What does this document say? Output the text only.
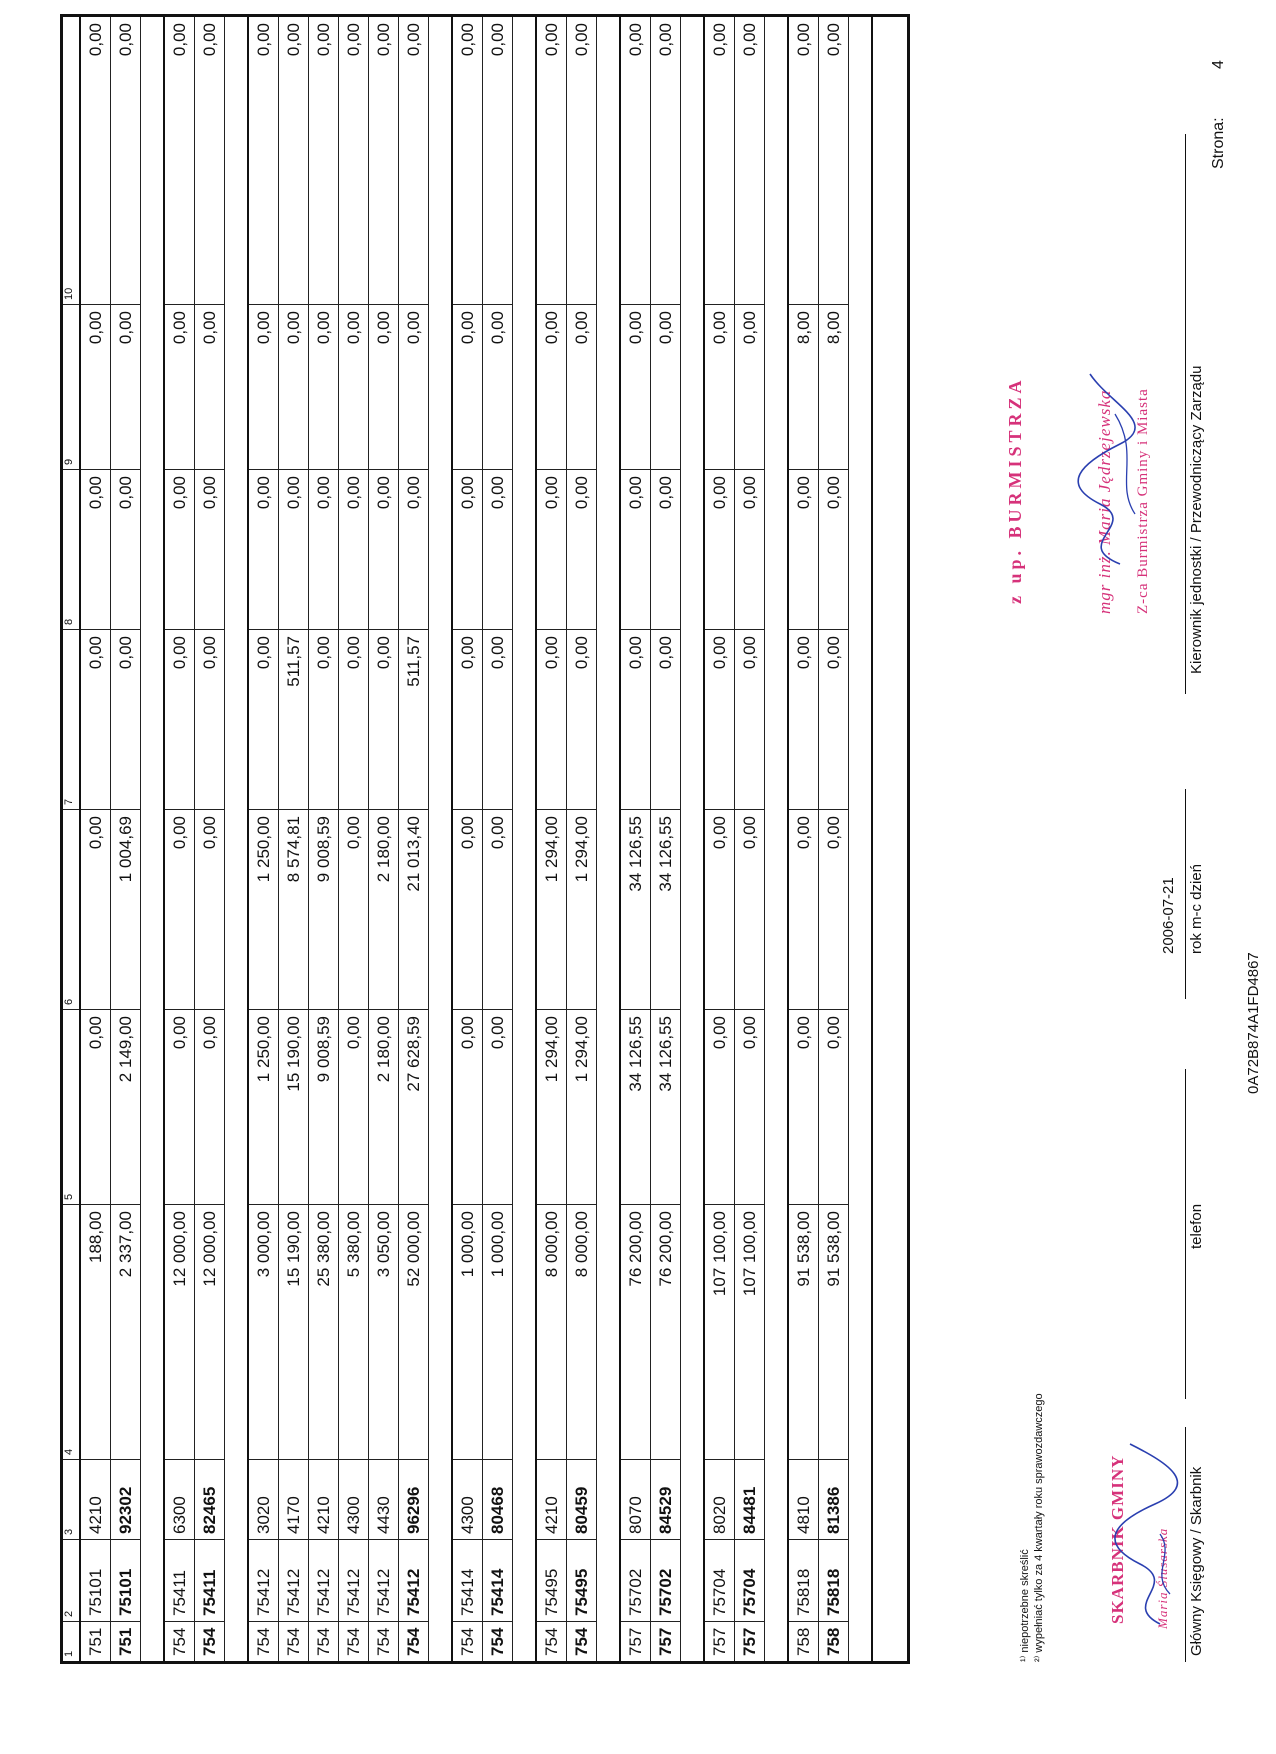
1
2
3
4
5
6
7
8
9
10
751
75101
4210
188,00
0,00
0,00
0,00
0,00
0,00
0,00
751
75101
92302
2 337,00
2 149,00
1 004,69
0,00
0,00
0,00
0,00
754
75411
6300
12 000,00
0,00
0,00
0,00
0,00
0,00
0,00
754
75411
82465
12 000,00
0,00
0,00
0,00
0,00
0,00
0,00
754
75412
3020
3 000,00
1 250,00
1 250,00
0,00
0,00
0,00
0,00
754
75412
4170
15 190,00
15 190,00
8 574,81
511,57
0,00
0,00
0,00
754
75412
4210
25 380,00
9 008,59
9 008,59
0,00
0,00
0,00
0,00
754
75412
4300
5 380,00
0,00
0,00
0,00
0,00
0,00
0,00
754
75412
4430
3 050,00
2 180,00
2 180,00
0,00
0,00
0,00
0,00
754
75412
96296
52 000,00
27 628,59
21 013,40
511,57
0,00
0,00
0,00
754
75414
4300
1 000,00
0,00
0,00
0,00
0,00
0,00
0,00
754
75414
80468
1 000,00
0,00
0,00
0,00
0,00
0,00
0,00
754
75495
4210
8 000,00
1 294,00
1 294,00
0,00
0,00
0,00
0,00
754
75495
80459
8 000,00
1 294,00
1 294,00
0,00
0,00
0,00
0,00
757
75702
8070
76 200,00
34 126,55
34 126,55
0,00
0,00
0,00
0,00
757
75702
84529
76 200,00
34 126,55
34 126,55
0,00
0,00
0,00
0,00
757
75704
8020
107 100,00
0,00
0,00
0,00
0,00
0,00
0,00
757
75704
84481
107 100,00
0,00
0,00
0,00
0,00
0,00
0,00
758
75818
4810
91 538,00
0,00
0,00
0,00
0,00
8,00
0,00
758
75818
81386
91 538,00
0,00
0,00
0,00
0,00
8,00
0,00
¹⁾ niepotrzebne skreślić ²⁾ wypełniać tylko za 4 kwartały roku sprawozdawczego	SKARBNIK GMINY Maria Ślusarska Główny Księgowy / Skarbnik
telefon
2006-07-21 rok m-c dzień
z up. BURMISTRZA	mgr inż. Maria Jędrzejewska Z-ca Burmistrza Gminy i Miasta Kierownik jednostki / Przewodniczący Zarządu
0A72B874A1FD4867
Strona:
4
